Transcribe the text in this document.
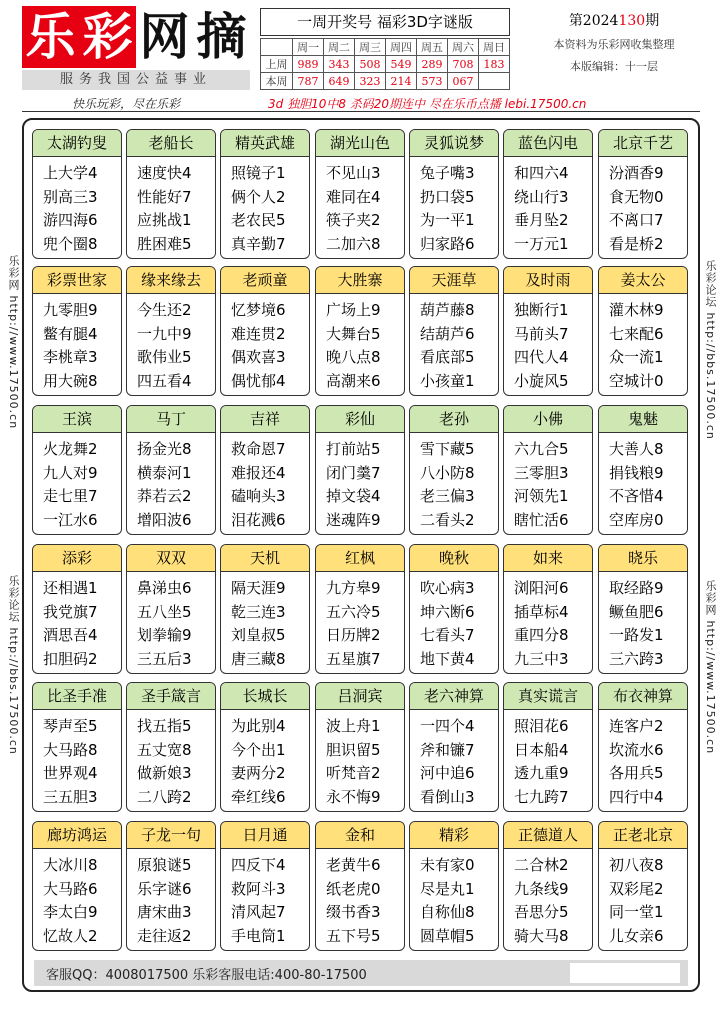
乐 彩 网 摘
服务我国公益事业
一周开奖号 福彩3D字谜版
	周一	周二	周三	周四	周五	周六	周日
上周	989	343	508	549	289	708	183
本周	787	649	323	214	573	067	
第2024130期
本资料为乐彩网收集整理
本版编辑：十一层
快乐玩彩，尽在乐彩	3d 独胆10中8 杀码20期连中 尽在乐币点播 lebi.17500.cn
乐彩网 http://www.17500.cn
乐彩论坛 http://bbs.17500.cn
乐彩论坛 http://bbs.17500.cn
乐彩网 http://www.17500.cn
太湖钓叟
上大学4
别高三3
游四海6
兜个圈8
老船长
速度快4
性能好7
应挑战1
胜困难5
精英武雄
照镜子1
俩个人2
老农民5
真辛勤7
湖光山色
不见山3
难同在4
筷子夹2
二加六8
灵狐说梦
兔子嘴3
扔口袋5
为一平1
归家路6
蓝色闪电
和四六4
绕山行3
垂月坠2
一万元1
北京千艺
汾酒香9
食无物0
不离口7
看是桥2
彩票世家
九零胆9
鳖有腿4
李桃章3
用大碗8
缘来缘去
今生还2
一九中9
歌伟业5
四五看4
老顽童
忆梦境6
难连贯2
偶欢喜3
偶忧郁4
大胜寨
广场上9
大舞台5
晚八点8
高潮来6
天涯草
葫芦藤8
结葫芦6
看底部5
小孩童1
及时雨
独断行1
马前头7
四代人4
小旋风5
姜太公
灌木林9
七来配6
众一流1
空城计0
王滨
火龙舞2
九人对9
走七里7
一江水6
马丁
扬金光8
横泰河1
莽若云2
增阳波6
吉祥
救命恩7
难报还4
磕响头3
泪花溅6
彩仙
打前站5
闭门羹7
掉文袋4
迷魂阵9
老孙
雪下藏5
八小防8
老三偏3
二看头2
小佛
六九合5
三零胆3
河领先1
瞎忙活6
鬼魅
大善人8
捐钱粮9
不吝惜4
空库房0
添彩
还相遇1
我党旗7
酒思吾4
扣胆码2
双双
鼻涕虫6
五八坐5
划拳输9
三五后3
天机
隔天涯9
乾三连3
刘皇叔5
唐三藏8
红枫
九方皋9
五六冷5
日历牌2
五星旗7
晚秋
吹心病3
坤六断6
七看头7
地下黄4
如来
浏阳河6
插草标4
重四分8
九三中3
晓乐
取经路9
鳜鱼肥6
一路发1
三六跨3
比圣手准
琴声至5
大马路8
世界观4
三五胆3
圣手箴言
找五指5
五丈宽8
做新娘3
二八跨2
长城长
为此别4
今个出1
妻两分2
牵红线6
吕洞宾
波上舟1
胆识留5
听梵音2
永不悔9
老六神算
一四个4
斧和镰7
河中追6
看倒山3
真实谎言
照泪花6
日本船4
透九重9
七九跨7
布衣神算
连客户2
坎流水6
各用兵5
四行中4
廊坊鸿运
大冰川8
大马路6
李太白9
忆故人2
子龙一句
原狼谜5
乐字谜6
唐宋曲3
走往返2
日月通
四反下4
救阿斗3
清风起7
手电筒1
金和
老黄牛6
纸老虎0
缀书香3
五下号5
精彩
未有家0
尽是丸1
自称仙8
圆草帽5
正德道人
二合林2
九条线9
吾思分5
骑大马8
正老北京
初八夜8
双彩尾2
同一堂1
儿女亲6
客服QQ：4008017500 乐彩客服电话:400-80-17500
